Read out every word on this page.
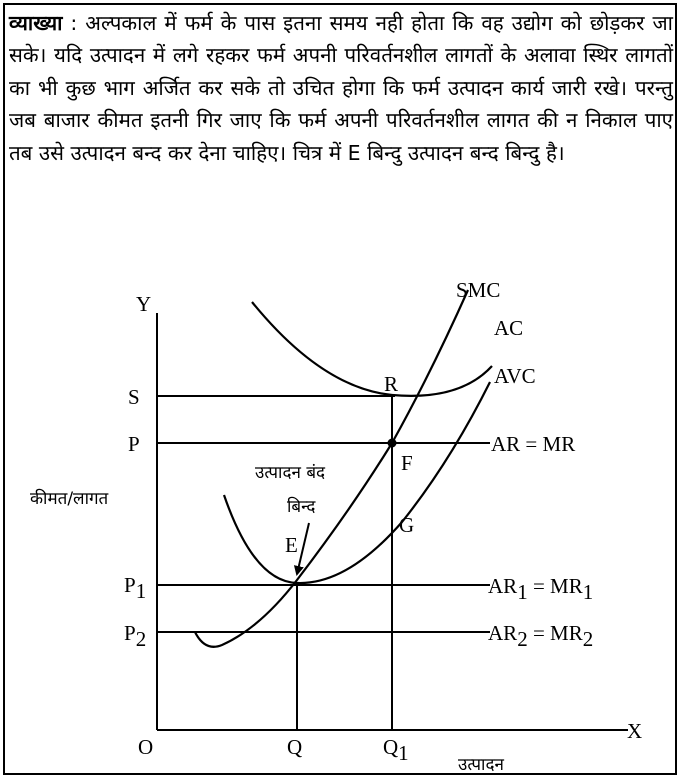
व्याख्या : अल्पकाल में फर्म के पास इतना समय नही होता कि वह उद्योग को छोड़कर जा सके। यदि उत्पादन में लगे रहकर फर्म अपनी परिवर्तनशील लागतों के अलावा स्थिर लागतों का भी कुछ भाग अर्जित कर सके तो उचित होगा कि फर्म उत्पादन कार्य जारी रखे। परन्तु जब बाजार कीमत इतनी गिर जाए कि फर्म अपनी परिवर्तनशील लागत की न निकाल पाए तब उसे उत्पादन बन्द कर देना चाहिए। चित्र में E बिन्दु उत्पादन बन्द बिन्दु है।

Y
X
O
कीमत/लागत
उत्पादन
S
P
P1
P2
Q	Q1
SMC
AC
AVC
AR = MR
AR1 = MR1
AR2 = MR2
R
F
G
E
उत्पादन बंद
बिन्द
